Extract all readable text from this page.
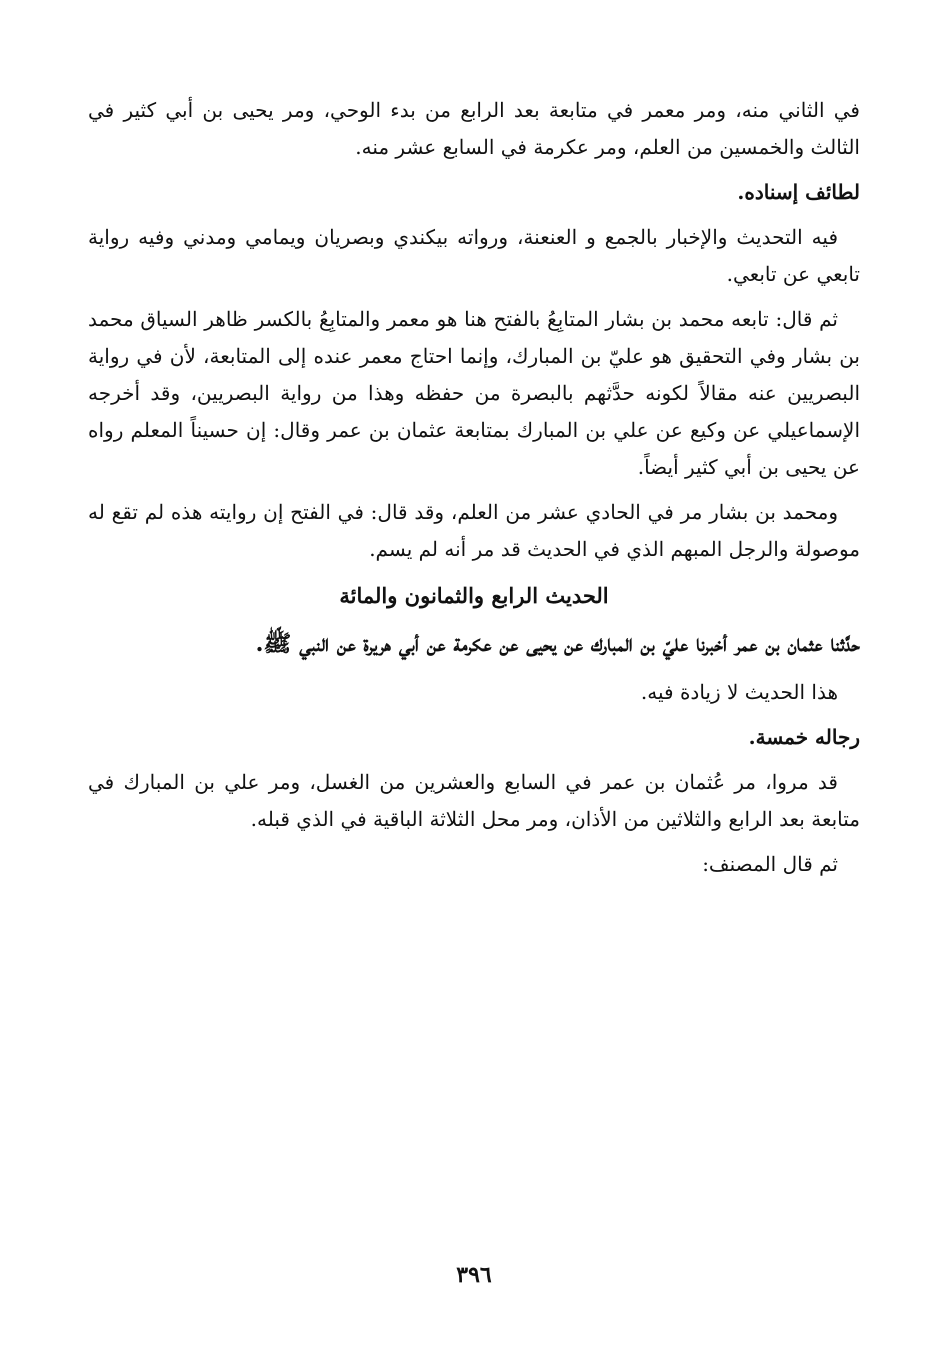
في الثاني منه، ومر معمر في متابعة بعد الرابع من بدء الوحي، ومر يحيى بن أبي كثير في الثالث والخمسين من العلم، ومر عكرمة في السابع عشر منه.

لطائف إسناده.

فيه التحديث والإخبار بالجمع و العنعنة، ورواته بيكندي وبصريان ويمامي ومدني وفيه رواية تابعي عن تابعي.

ثم قال: تابعه محمد بن بشار المتابِعُ بالفتح هنا هو معمر والمتابِعُ بالكسر ظاهر السياق محمد بن بشار وفي التحقيق هو عليّ بن المبارك، وإنما احتاج معمر عنده إلى المتابعة، لأن في رواية البصريين عنه مقالاً لكونه حدَّثهم بالبصرة من حفظه وهذا من رواية البصريين، وقد أخرجه الإسماعيلي عن وكيع عن علي بن المبارك بمتابعة عثمان بن عمر وقال: إن حسيناً المعلم رواه عن يحيى بن أبي كثير أيضاً.

ومحمد بن بشار مر في الحادي عشر من العلم، وقد قال: في الفتح إن روايته هذه لم تقع له موصولة والرجل المبهم الذي في الحديث قد مر أنه لم يسم.

الحديث الرابع والثمانون والمائة

حدَّثنا عثمان بن عمر أخبرنا عليّ بن المبارك عن يحيى عن عكرمة عن أبي هريرة عن النبي ﷺ.

هذا الحديث لا زيادة فيه.

رجاله خمسة.

قد مروا، مر عُثمان بن عمر في السابع والعشرين من الغسل، ومر علي بن المبارك في متابعة بعد الرابع والثلاثين من الأذان، ومر محل الثلاثة الباقية في الذي قبله.

ثم قال المصنف:

٣٩٦
